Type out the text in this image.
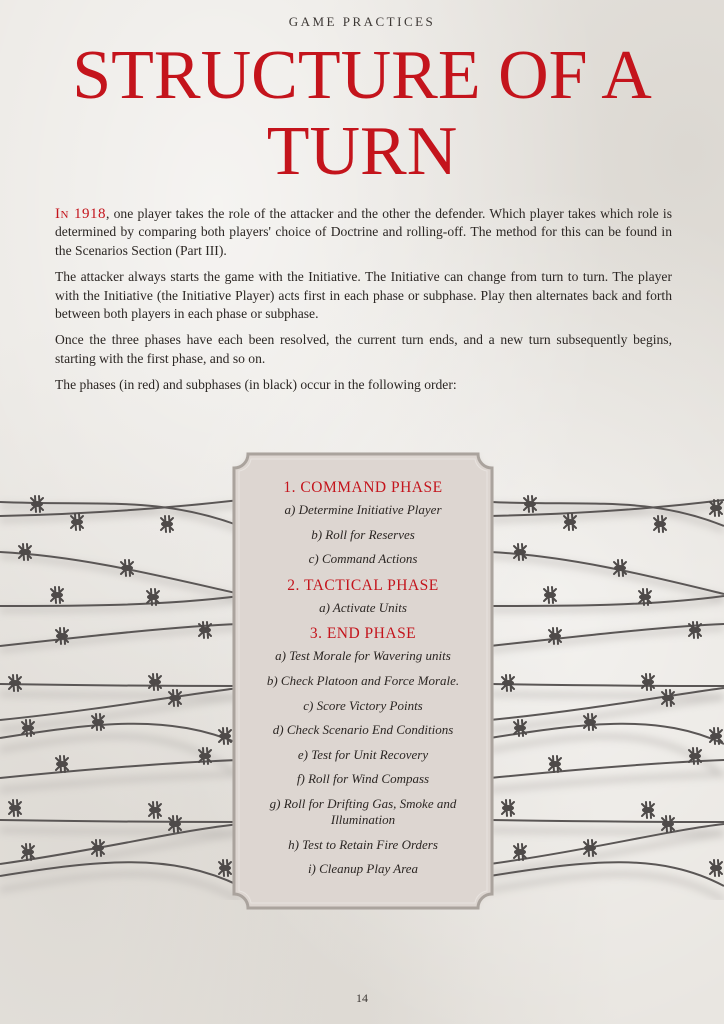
GAME PRACTICES
STRUCTURE OF A
TURN

In 1918, one player takes the role of the attacker and the other the defender. Which player takes which role is determined by comparing both players' choice of Doctrine and rolling-off. The method for this can be found in the Scenarios Section (Part III).

The attacker always starts the game with the Initiative. The Initiative can change from turn to turn. The player with the Initiative (the Initiative Player) acts first in each phase or subphase. Play then alternates back and forth between both players in each phase or subphase.

Once the three phases have each been resolved, the current turn ends, and a new turn subsequently begins, starting with the first phase, and so on.

The phases (in red) and subphases (in black) occur in the following order:

1. COMMAND PHASE
a) Determine Initiative Player
b) Roll for Reserves
c) Command Actions
2. TACTICAL PHASE
a) Activate Units
3. END PHASE
a) Test Morale for Wavering units
b) Check Platoon and Force Morale.
c) Score Victory Points
d) Check Scenario End Conditions
e) Test for Unit Recovery
f) Roll for Wind Compass
g) Roll for Drifting Gas, Smoke and Illumination
h) Test to Retain Fire Orders
i) Cleanup Play Area
14
